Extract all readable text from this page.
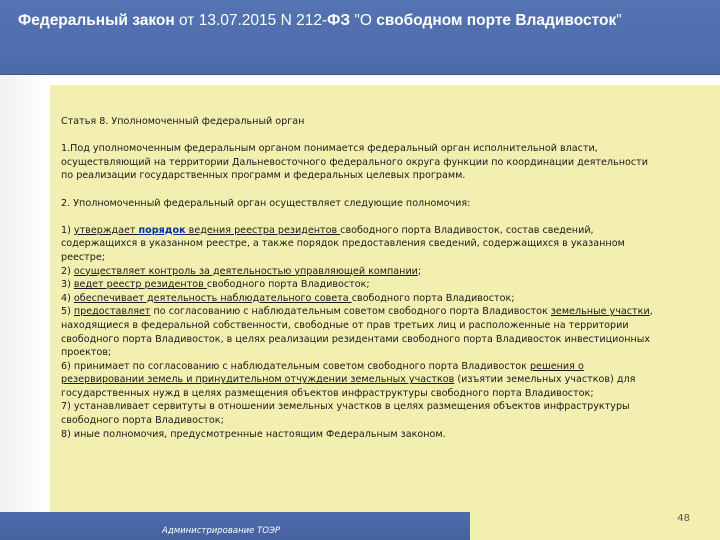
Федеральный закон от 13.07.2015 N 212-ФЗ "О свободном порте Владивосток"
Статья 8. Уполномоченный федеральный орган
1.Под уполномоченным федеральным органом понимается федеральный орган исполнительной власти, осуществляющий на территории Дальневосточного федерального округа функции по координации деятельности по реализации государственных программ и федеральных целевых программ.
2. Уполномоченный федеральный орган осуществляет следующие полномочия:
1) утверждает порядок ведения реестра резидентов свободного порта Владивосток, состав сведений, содержащихся в указанном реестре, а также порядок предоставления сведений, содержащихся в указанном реестре;
2) осуществляет контроль за деятельностью управляющей компании;
3) ведет реестр резидентов свободного порта Владивосток;
4) обеспечивает деятельность наблюдательного совета свободного порта Владивосток;
5) предоставляет по согласованию с наблюдательным советом свободного порта Владивосток земельные участки, находящиеся в федеральной собственности, свободные от прав третьих лиц и расположенные на территории свободного порта Владивосток, в целях реализации резидентами свободного порта Владивосток инвестиционных проектов;
6) принимает по согласованию с наблюдательным советом свободного порта Владивосток решения о резервировании земель и принудительном отчуждении земельных участков (изъятии земельных участков) для государственных нужд в целях размещения объектов инфраструктуры свободного порта Владивосток;
7) устанавливает сервитуты в отношении земельных участков в целях размещения объектов инфраструктуры свободного порта Владивосток;
8) иные полномочия, предусмотренные настоящим Федеральным законом.
Администрирование ТОЭР
48
